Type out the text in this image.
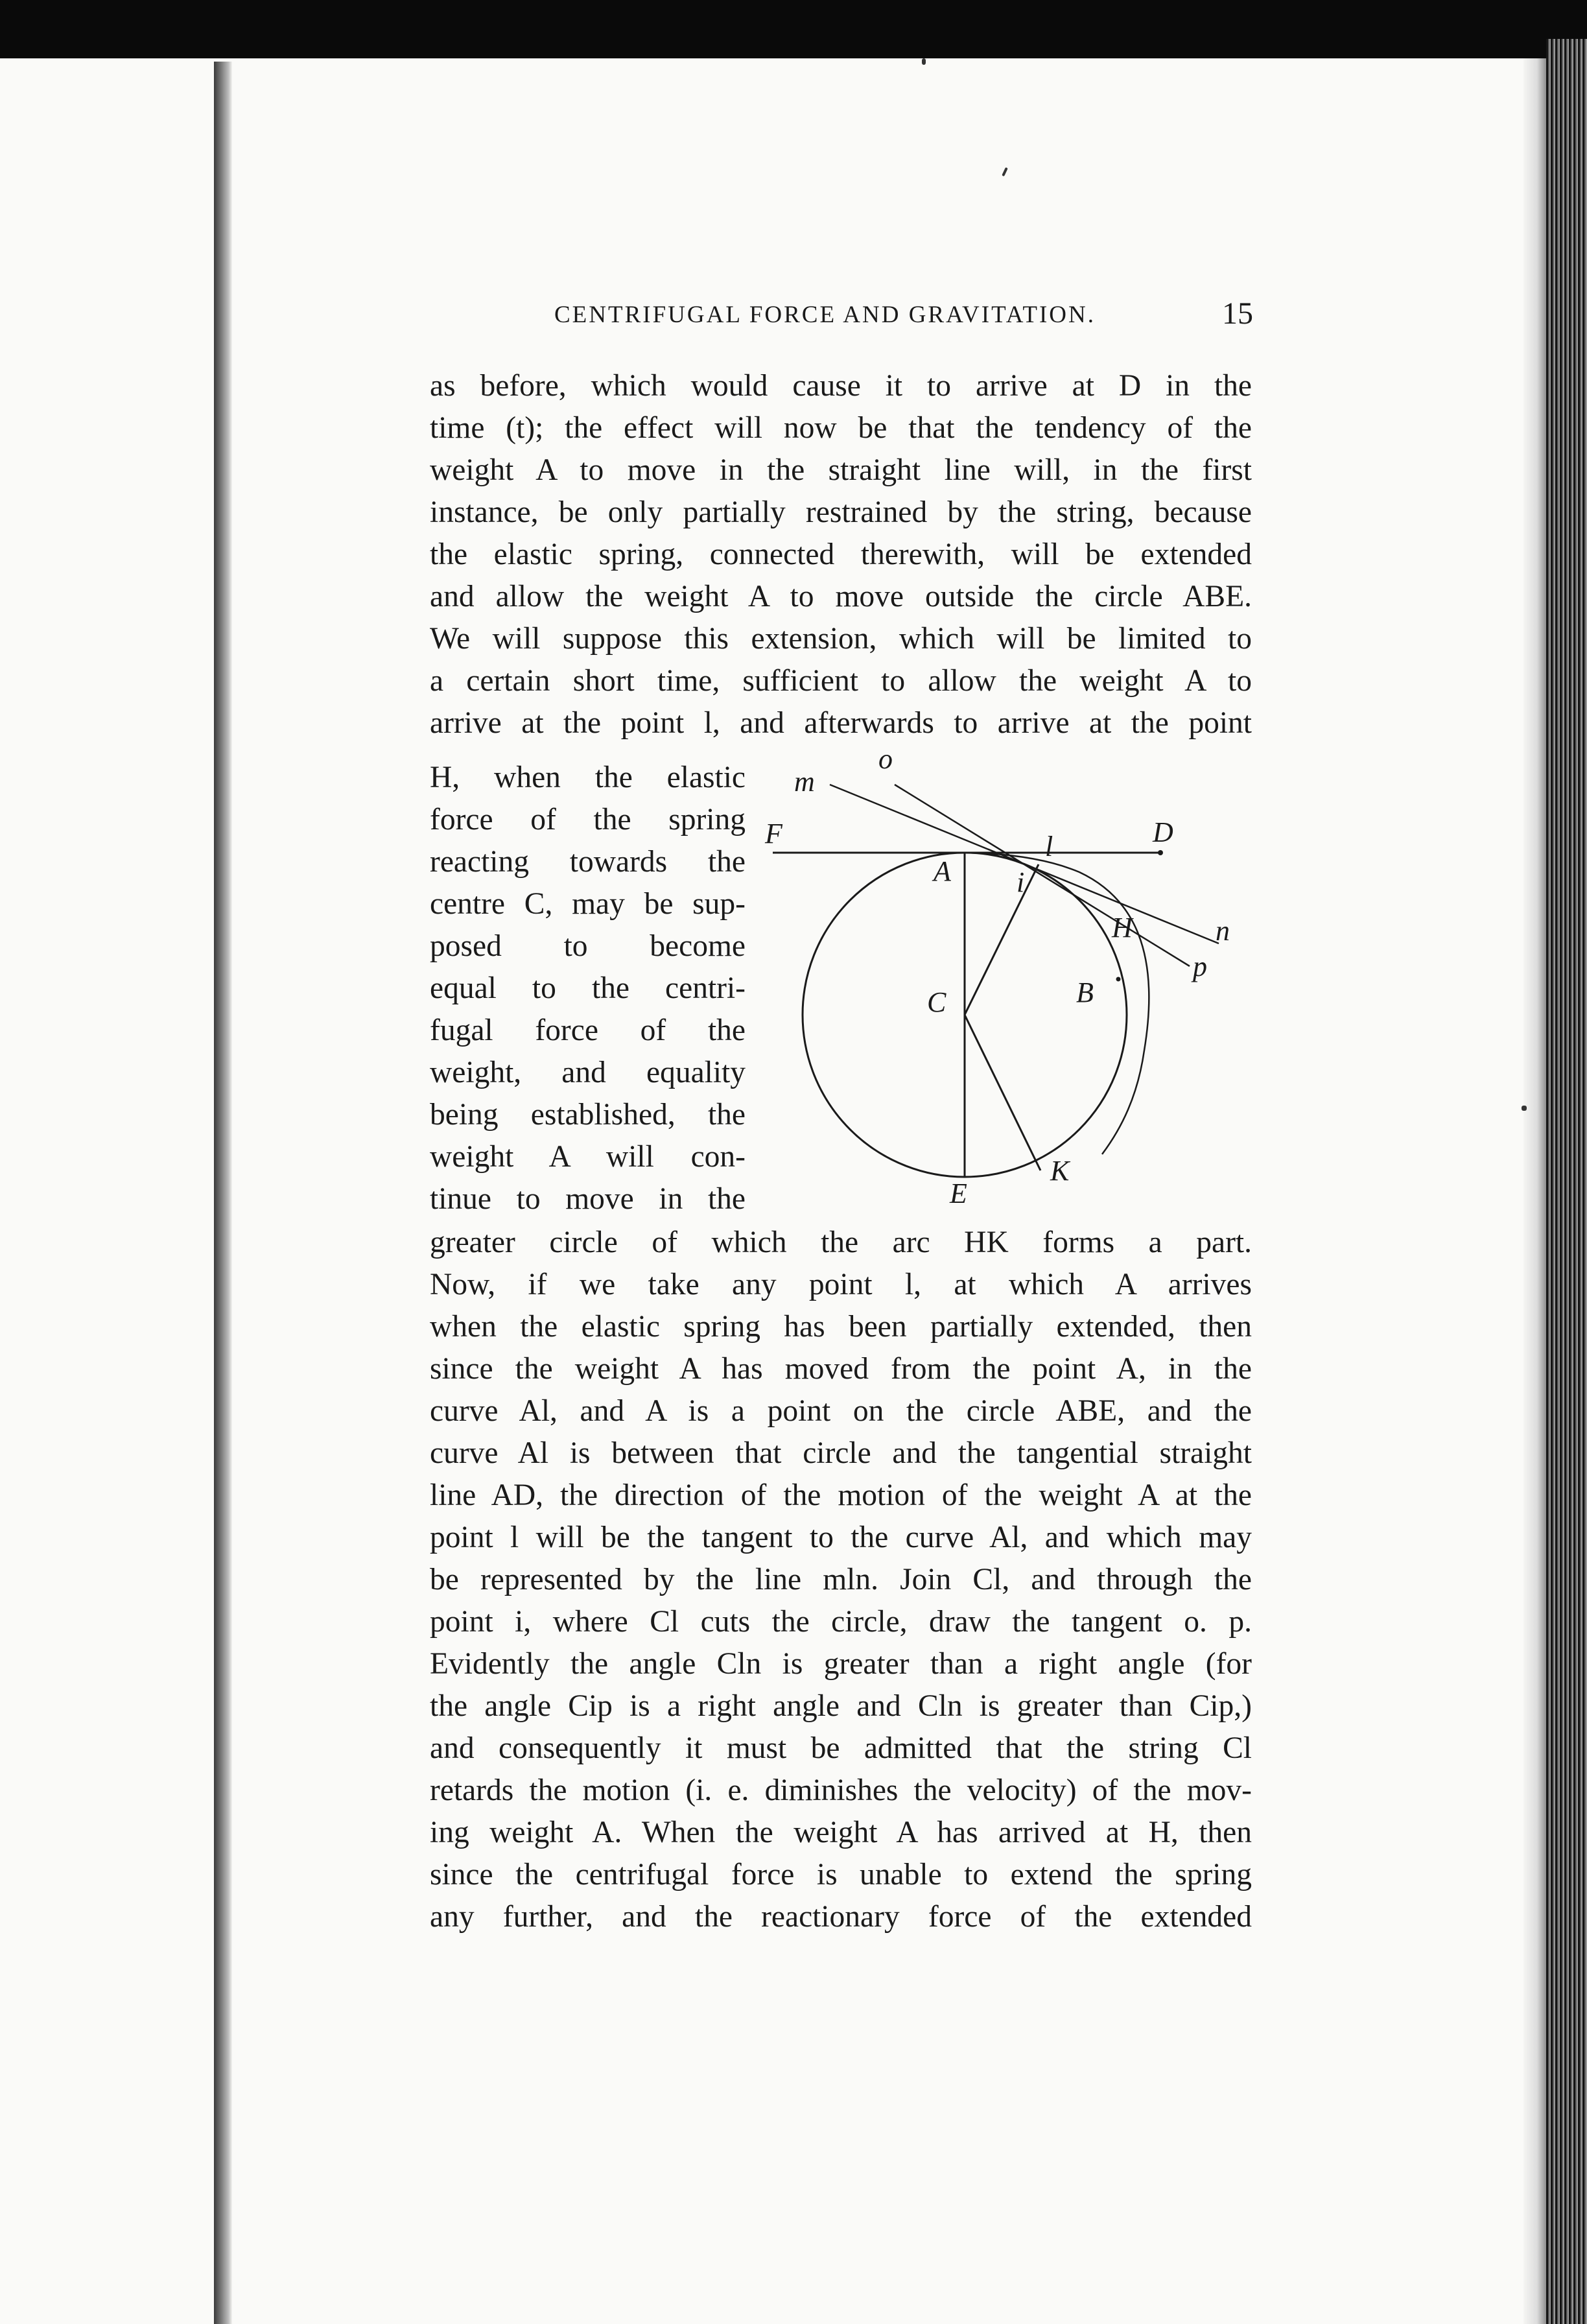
CENTRIFUGAL FORCE AND GRAVITATION.	15
as before, which would cause it to arrive at D in the
time (t); the effect will now be that the tendency of the
weight A to move in the straight line will, in the first
instance, be only partially restrained by the string, because
the elastic spring, connected therewith, will be extended
and allow the weight A to move outside the circle ABE.
We will suppose this extension, which will be limited to
a certain short time, sufficient to allow the weight A to
arrive at the point l, and afterwards to arrive at the point
H, when the elastic
force of the spring
reacting towards the
centre C, may be sup-
posed to become
equal to the centri-
fugal force of the
weight, and equality
being established, the
weight A will con-
tinue to move in the
F	D
A
l
i
m
o
n
p
H
B
C
E
K
greater circle of which the arc HK forms a part.
Now, if we take any point l, at which A arrives
when the elastic spring has been partially extended, then
since the weight A has moved from the point A, in the
curve Al, and A is a point on the circle ABE, and the
curve Al is between that circle and the tangential straight
line AD, the direction of the motion of the weight A at the
point l will be the tangent to the curve Al, and which may
be represented by the line mln. Join Cl, and through the
point i, where Cl cuts the circle, draw the tangent o. p.
Evidently the angle Cln is greater than a right angle (for
the angle Cip is a right angle and Cln is greater than Cip,)
and consequently it must be admitted that the string Cl
retards the motion (i. e. diminishes the velocity) of the mov-
ing weight A. When the weight A has arrived at H, then
since the centrifugal force is unable to extend the spring
any further, and the reactionary force of the extended
